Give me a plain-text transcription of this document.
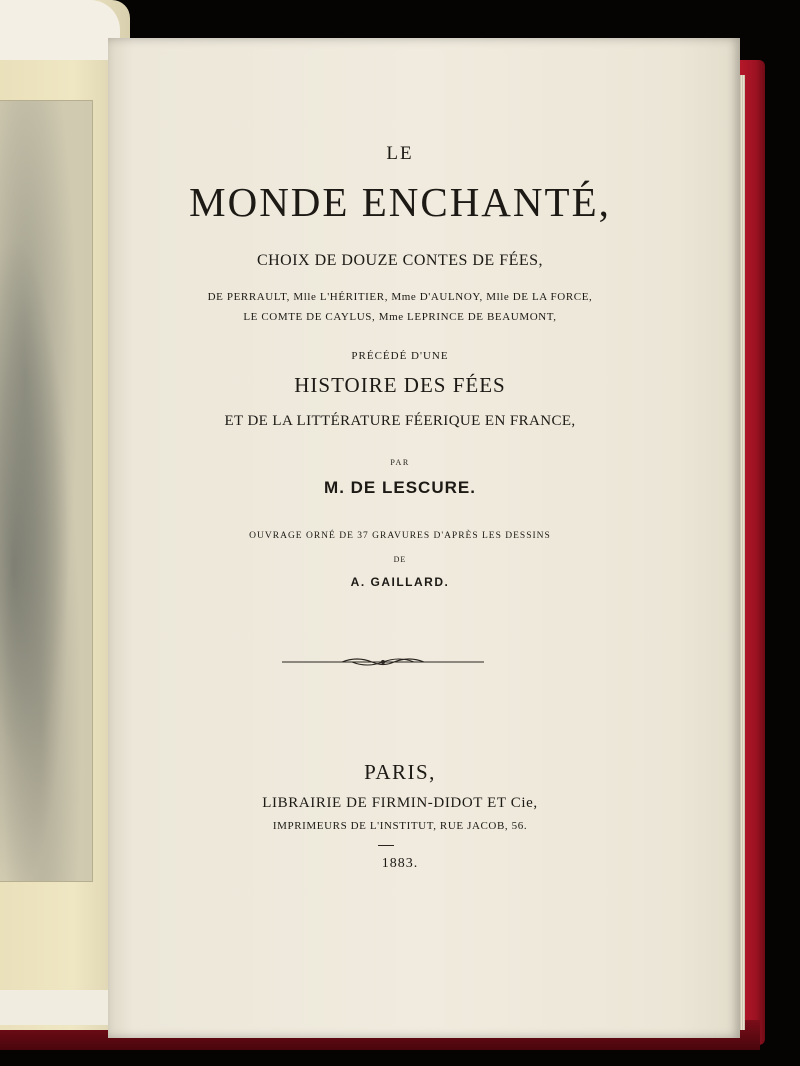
LE
MONDE ENCHANTÉ,
CHOIX DE DOUZE CONTES DE FÉES,
DE PERRAULT, Mlle L'HÉRITIER, Mme D'AULNOY, Mlle DE LA FORCE,
LE COMTE DE CAYLUS, Mme LEPRINCE DE BEAUMONT,
PRÉCÉDÉ D'UNE
HISTOIRE DES FÉES
ET DE LA LITTÉRATURE FÉERIQUE EN FRANCE,
PAR
M. DE LESCURE.
OUVRAGE ORNÉ DE 37 GRAVURES D'APRÈS LES DESSINS
DE
A. GAILLARD.
PARIS,
LIBRAIRIE DE FIRMIN-DIDOT ET Cie,
IMPRIMEURS DE L'INSTITUT, RUE JACOB, 56.
1883.
